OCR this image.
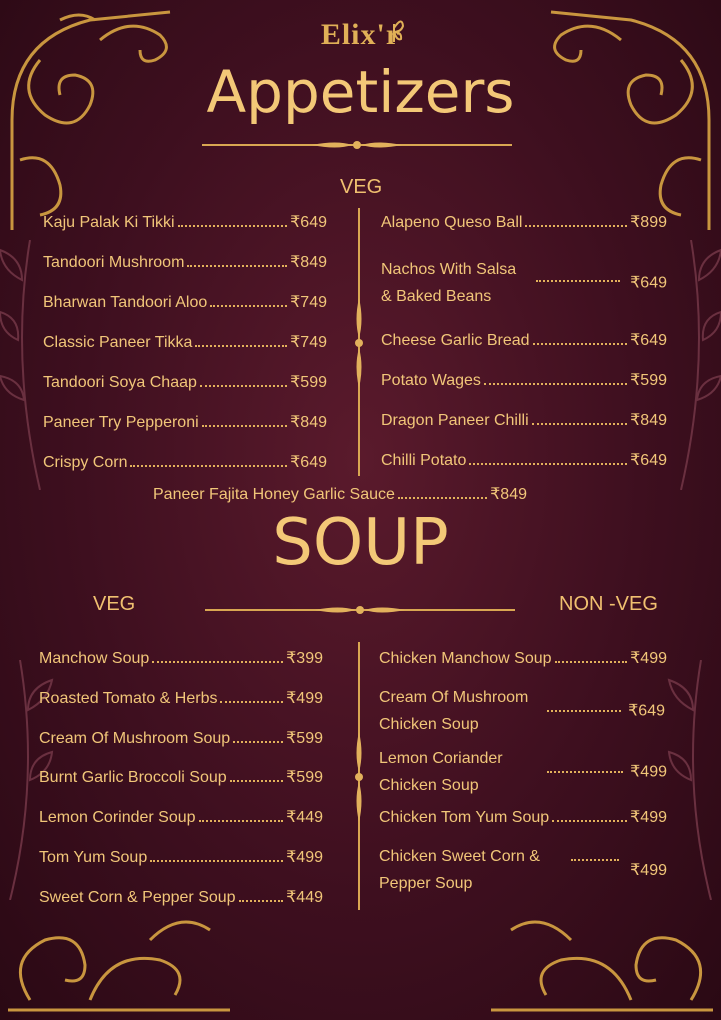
Elix'r
Appetizers
VEG
Kaju Palak Ki Tikki	₹649
Tandoori Mushroom	₹849
Bharwan Tandoori Aloo	₹749
Classic Paneer Tikka	₹749
Tandoori Soya Chaap	₹599
Paneer Try Pepperoni	₹849
Crispy Corn	₹649
Alapeno Queso Ball	₹899
Nachos With Salsa
& Baked Beans
₹649
Cheese Garlic Bread	₹649
Potato Wages	₹599
Dragon Paneer Chilli	₹849
Chilli Potato	₹649
Paneer Fajita Honey Garlic Sauce	₹849
SOUP
VEG	NON -VEG
Manchow Soup	₹399
Roasted Tomato & Herbs	₹499
Cream Of Mushroom Soup	₹599
Burnt Garlic Broccoli Soup	₹599
Lemon Corinder Soup	₹449
Tom Yum Soup	₹499
Sweet Corn & Pepper Soup	₹449
Chicken Manchow Soup	₹499
Cream Of Mushroom
Chicken Soup
₹649
Lemon Coriander
Chicken Soup
₹499
Chicken Tom Yum Soup	₹499
Chicken Sweet Corn &
Pepper Soup
₹499
